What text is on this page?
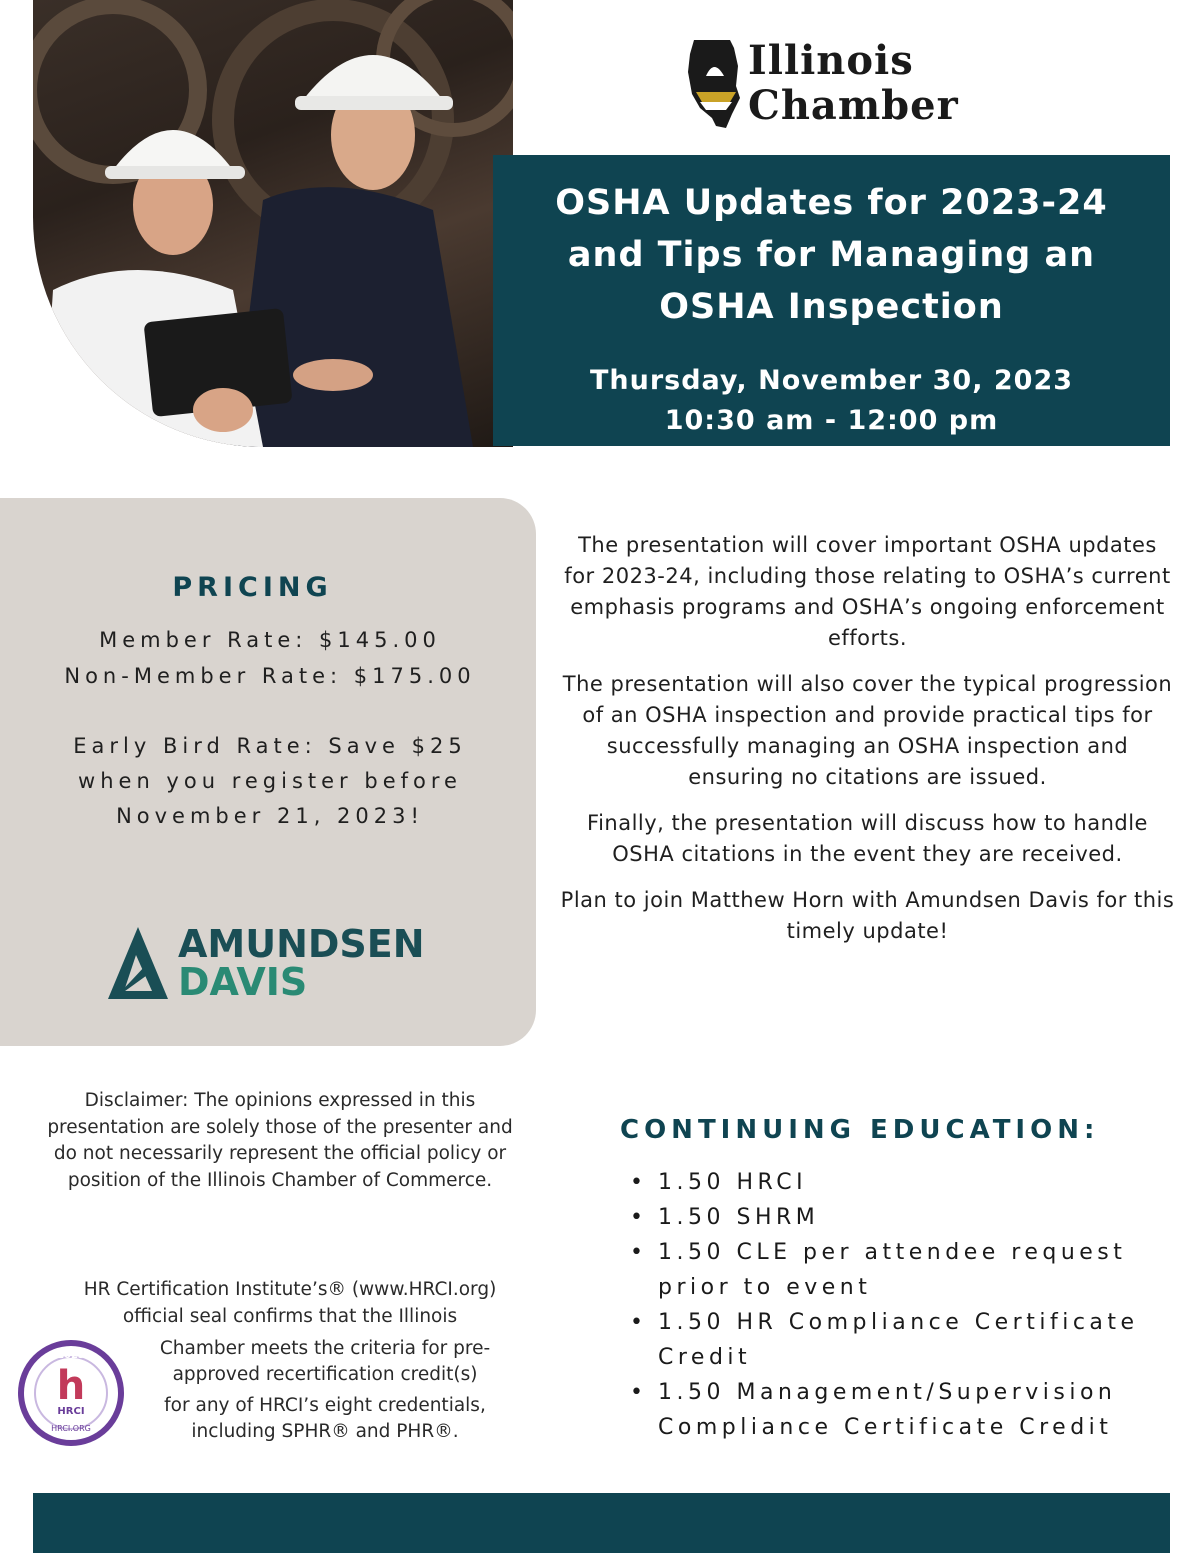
Illinois
Chamber
OSHA Updates for 2023-24
and Tips for Managing an
OSHA Inspection
Thursday, November 30, 2023
10:30 am - 12:00 pm
PRICING
Member Rate: $145.00
Non-Member Rate: $175.00
Early Bird Rate: Save $25
when you register before
November 21, 2023!
AMUNDSEN
DAVIS

The presentation will cover important OSHA updates for 2023-24, including those relating to OSHA’s current emphasis programs and OSHA’s ongoing enforcement efforts.

The presentation will also cover the typical progression of an OSHA inspection and provide practical tips for successfully managing an OSHA inspection and ensuring no citations are issued.

Finally, the presentation will discuss how to handle OSHA citations in the event they are received.

Plan to join Matthew Horn with Amundsen Davis for this timely update!

Disclaimer: The opinions expressed in this presentation are solely those of the presenter and do not necessarily represent the official policy or position of the Illinois Chamber of Commerce.
HR Certification Institute’s® (www.HRCI.org)
official seal confirms that the Illinois
Chamber meets the criteria for pre-
approved recertification credit(s)
for any of HRCI’s eight credentials,
including SPHR® and PHR®.
2023
h
HRCI
HRCI.ORG
CONTINUING EDUCATION:
• 1.50 HRCI
• 1.50 SHRM
• 1.50 CLE per attendee request prior to event
• 1.50 HR Compliance Certificate Credit
• 1.50 Management/Supervision Compliance Certificate Credit
